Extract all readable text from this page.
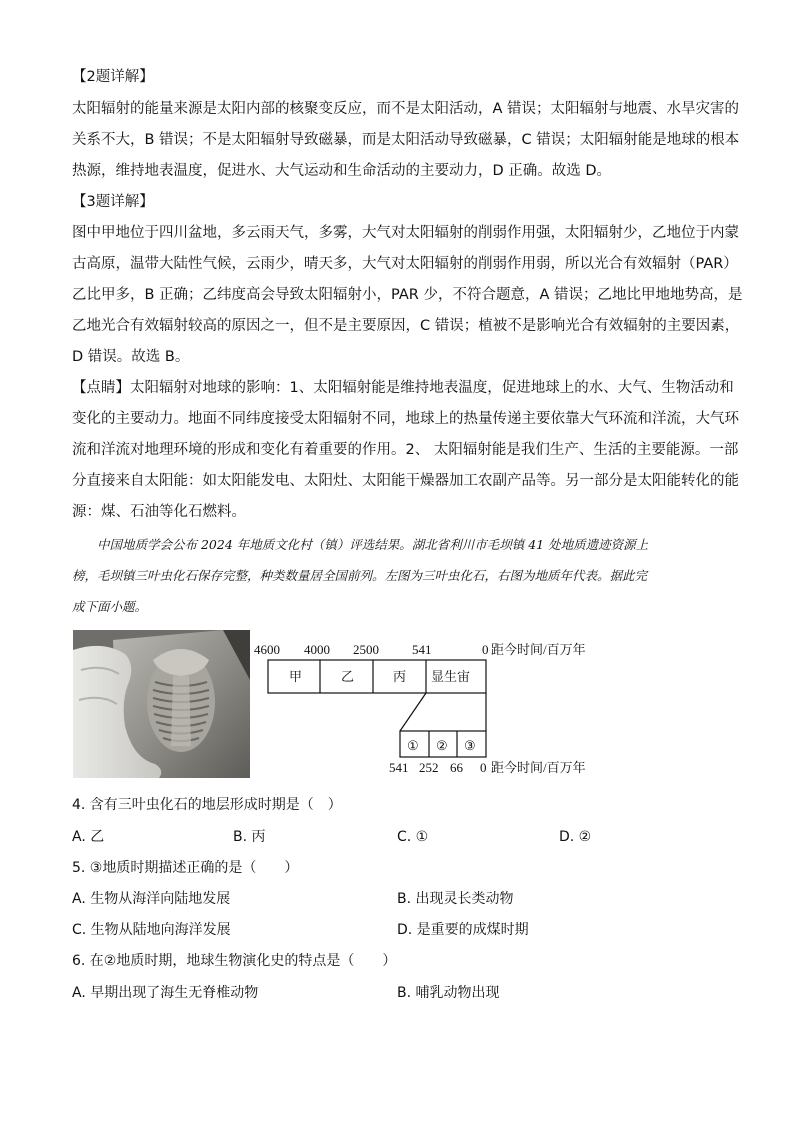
【2题详解】
太阳辐射的能量来源是太阳内部的核聚变反应，而不是太阳活动，A 错误；太阳辐射与地震、水旱灾害的
关系不大，B 错误；不是太阳辐射导致磁暴，而是太阳活动导致磁暴，C 错误；太阳辐射能是地球的根本
热源，维持地表温度，促进水、大气运动和生命活动的主要动力，D 正确。故选 D。
【3题详解】
图中甲地位于四川盆地，多云雨天气，多雾，大气对太阳辐射的削弱作用强，太阳辐射少，乙地位于内蒙
古高原，温带大陆性气候，云雨少，晴天多，大气对太阳辐射的削弱作用弱，所以光合有效辐射（PAR）
乙比甲多，B 正确；乙纬度高会导致太阳辐射小，PAR 少，不符合题意，A 错误；乙地比甲地地势高，是
乙地光合有效辐射较高的原因之一，但不是主要原因，C 错误；植被不是影响光合有效辐射的主要因素，
D 错误。故选 B。
【点睛】太阳辐射对地球的影响：1、太阳辐射能是维持地表温度，促进地球上的水、大气、生物活动和
变化的主要动力。地面不同纬度接受太阳辐射不同，地球上的热量传递主要依靠大气环流和洋流，大气环
流和洋流对地理环境的形成和变化有着重要的作用。2、 太阳辐射能是我们生产、生活的主要能源。一部
分直接来自太阳能：如太阳能发电、太阳灶、太阳能干燥器加工农副产品等。另一部分是太阳能转化的能
源：煤、石油等化石燃料。
　　中国地质学会公布 2024 年地质文化村（镇）评选结果。湖北省利川市毛坝镇 41 处地质遗迹资源上
榜，毛坝镇三叶虫化石保存完整，种类数量居全国前列。左图为三叶虫化石，右图为地质年代表。据此完
成下面小题。
4600 4000 2500	541	0 距今时间/百万年
甲	乙	丙 显生宙
① ② ③
541 252 66 0 距今时间/百万年
4. 含有三叶虫化石的地层形成时期是（　）
A. 乙	B. 丙	C. ①	D. ②
5. ③地质时期描述正确的是（　　）
A. 生物从海洋向陆地发展	B. 出现灵长类动物
C. 生物从陆地向海洋发展	D. 是重要的成煤时期
6. 在②地质时期，地球生物演化史的特点是（　　）
A. 早期出现了海生无脊椎动物	B. 哺乳动物出现
